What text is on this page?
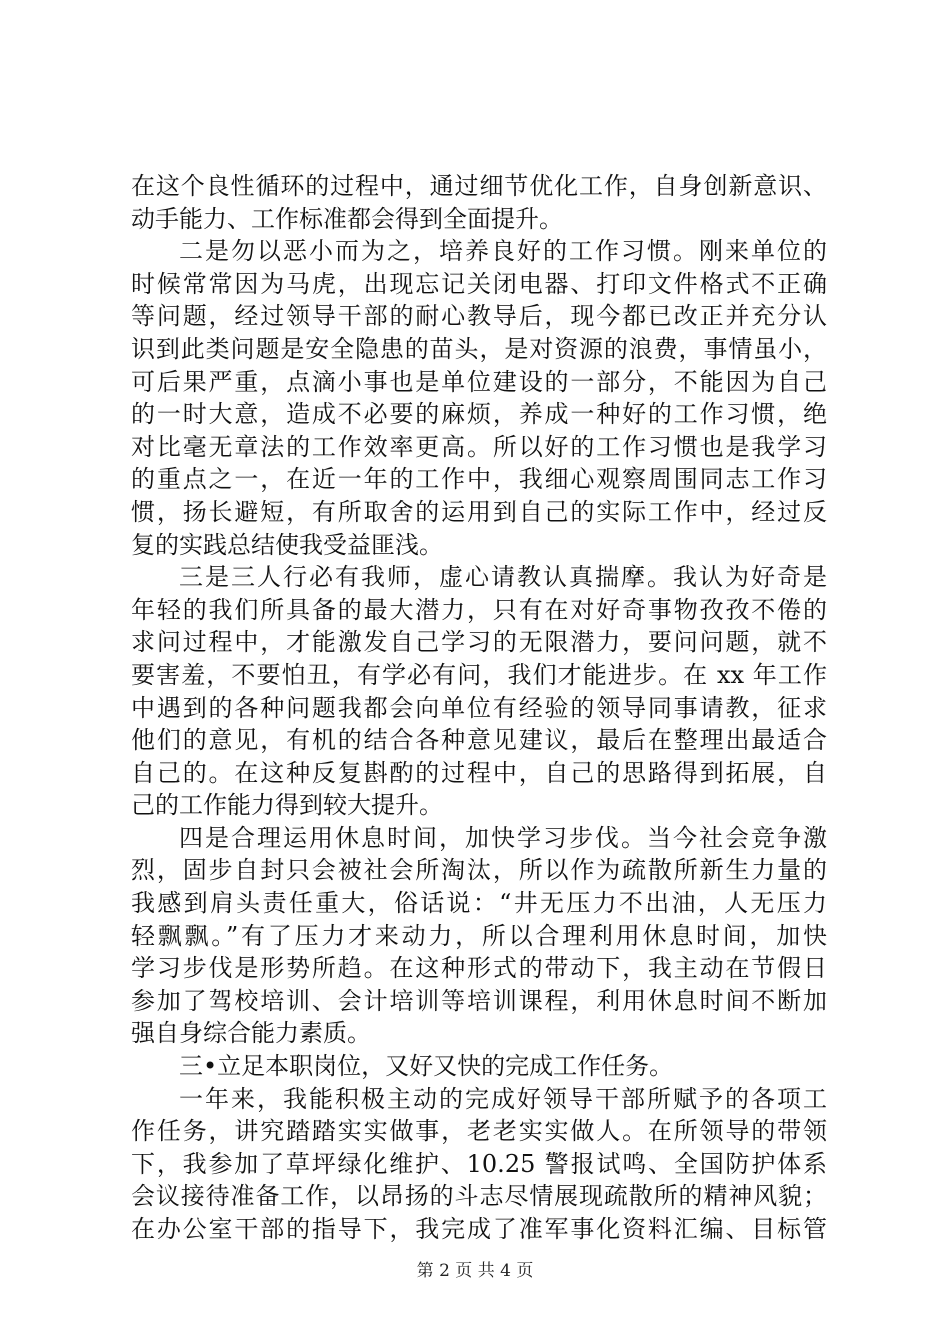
在这个良性循环的过程中，通过细节优化工作，自身创新意识、
动手能力、工作标准都会得到全面提升。
二是勿以恶小而为之，培养良好的工作习惯。刚来单位的
时候常常因为马虎，出现忘记关闭电器、打印文件格式不正确
等问题，经过领导干部的耐心教导后，现今都已改正并充分认
识到此类问题是安全隐患的苗头，是对资源的浪费，事情虽小，
可后果严重，点滴小事也是单位建设的一部分，不能因为自己
的一时大意，造成不必要的麻烦，养成一种好的工作习惯，绝
对比毫无章法的工作效率更高。所以好的工作习惯也是我学习
的重点之一，在近一年的工作中，我细心观察周围同志工作习
惯，扬长避短，有所取舍的运用到自己的实际工作中，经过反
复的实践总结使我受益匪浅。
三是三人行必有我师，虚心请教认真揣摩。我认为好奇是
年轻的我们所具备的最大潜力，只有在对好奇事物孜孜不倦的
求问过程中，才能激发自己学习的无限潜力，要问问题，就不
要害羞，不要怕丑，有学必有问，我们才能进步。在 xx 年工作
中遇到的各种问题我都会向单位有经验的领导同事请教，征求
他们的意见，有机的结合各种意见建议，最后在整理出最适合
自己的。在这种反复斟酌的过程中，自己的思路得到拓展，自
己的工作能力得到较大提升。
四是合理运用休息时间，加快学习步伐。当今社会竞争激
烈，固步自封只会被社会所淘汰，所以作为疏散所新生力量的
我感到肩头责任重大，俗话说：“井无压力不出油，人无压力
轻飘飘。”有了压力才来动力，所以合理利用休息时间，加快
学习步伐是形势所趋。在这种形式的带动下，我主动在节假日
参加了驾校培训、会计培训等培训课程，利用休息时间不断加
强自身综合能力素质。
三•立足本职岗位，又好又快的完成工作任务。
一年来，我能积极主动的完成好领导干部所赋予的各项工
作任务，讲究踏踏实实做事，老老实实做人。在所领导的带领
下，我参加了草坪绿化维护、10.25 警报试鸣、全国防护体系
会议接待准备工作，以昂扬的斗志尽情展现疏散所的精神风貌；
在办公室干部的指导下，我完成了准军事化资料汇编、目标管
第 2 页 共 4 页
